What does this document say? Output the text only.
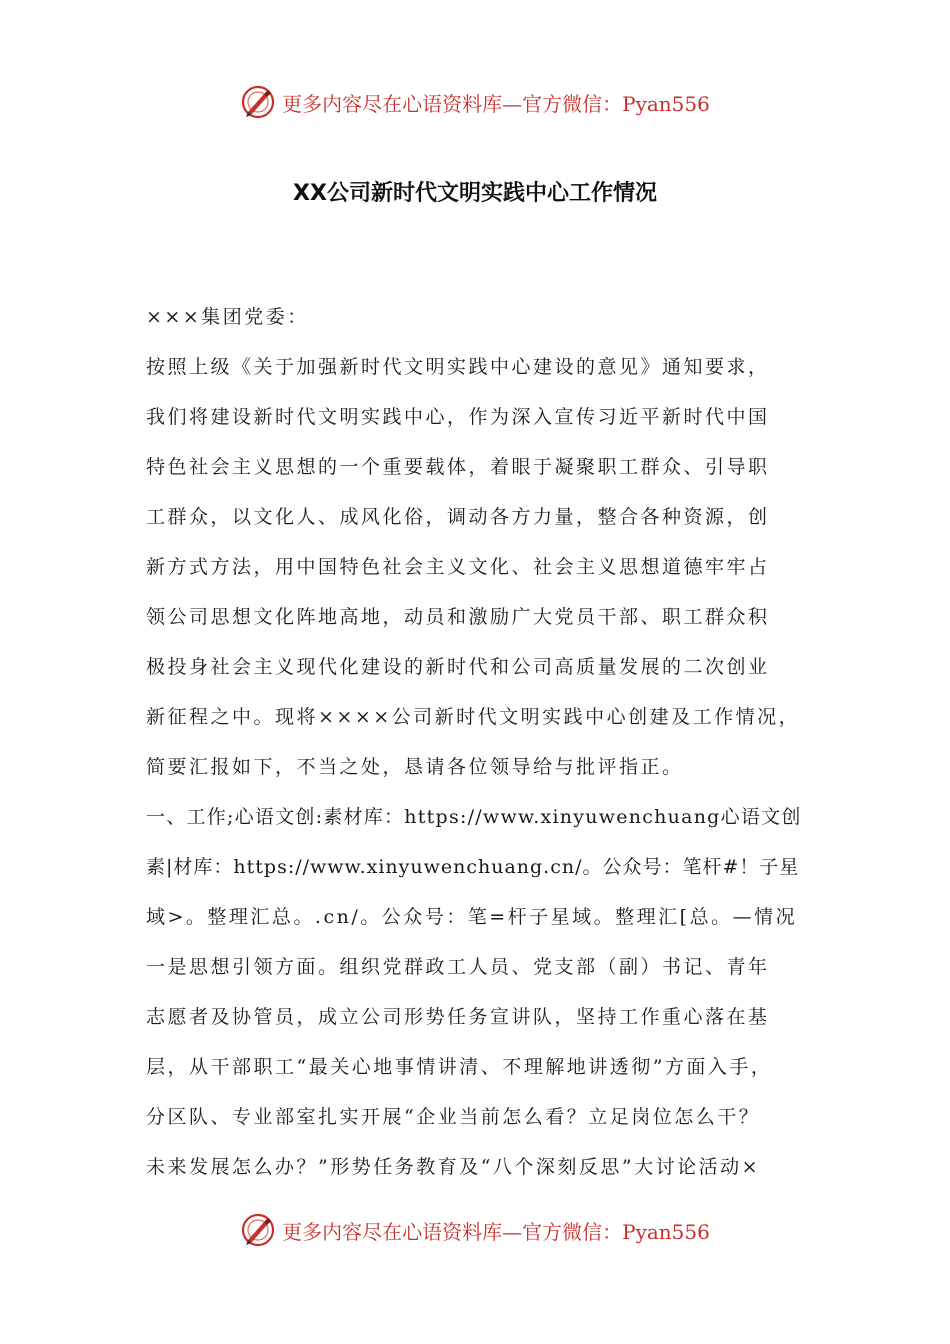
更多内容尽在心语资料库—官方微信：Pyan556
XX公司新时代文明实践中心工作情况
×××集团党委：
按照上级《关于加强新时代文明实践中心建设的意见》通知要求，
我们将建设新时代文明实践中心，作为深入宣传习近平新时代中国
特色社会主义思想的一个重要载体，着眼于凝聚职工群众、引导职
工群众，以文化人、成风化俗，调动各方力量，整合各种资源，创
新方式方法，用中国特色社会主义文化、社会主义思想道德牢牢占
领公司思想文化阵地高地，动员和激励广大党员干部、职工群众积
极投身社会主义现代化建设的新时代和公司高质量发展的二次创业
新征程之中。现将××××公司新时代文明实践中心创建及工作情况，
简要汇报如下，不当之处，恳请各位领导给与批评指正。
一、工作;心语文创:素材库：https://www.xinyuwenchuang心语文创
素|材库：https://www.xinyuwenchuang.cn/。公众号：笔杆#！子星
域>。整理汇总。.cn/。公众号：笔=杆子星域。整理汇[总。—情况
一是思想引领方面。组织党群政工人员、党支部（副）书记、青年
志愿者及协管员，成立公司形势任务宣讲队，坚持工作重心落在基
层，从干部职工“最关心地事情讲清、不理解地讲透彻”方面入手，
分区队、专业部室扎实开展“企业当前怎么看？立足岗位怎么干？
未来发展怎么办？”形势任务教育及“八个深刻反思”大讨论活动×
更多内容尽在心语资料库—官方微信：Pyan556
